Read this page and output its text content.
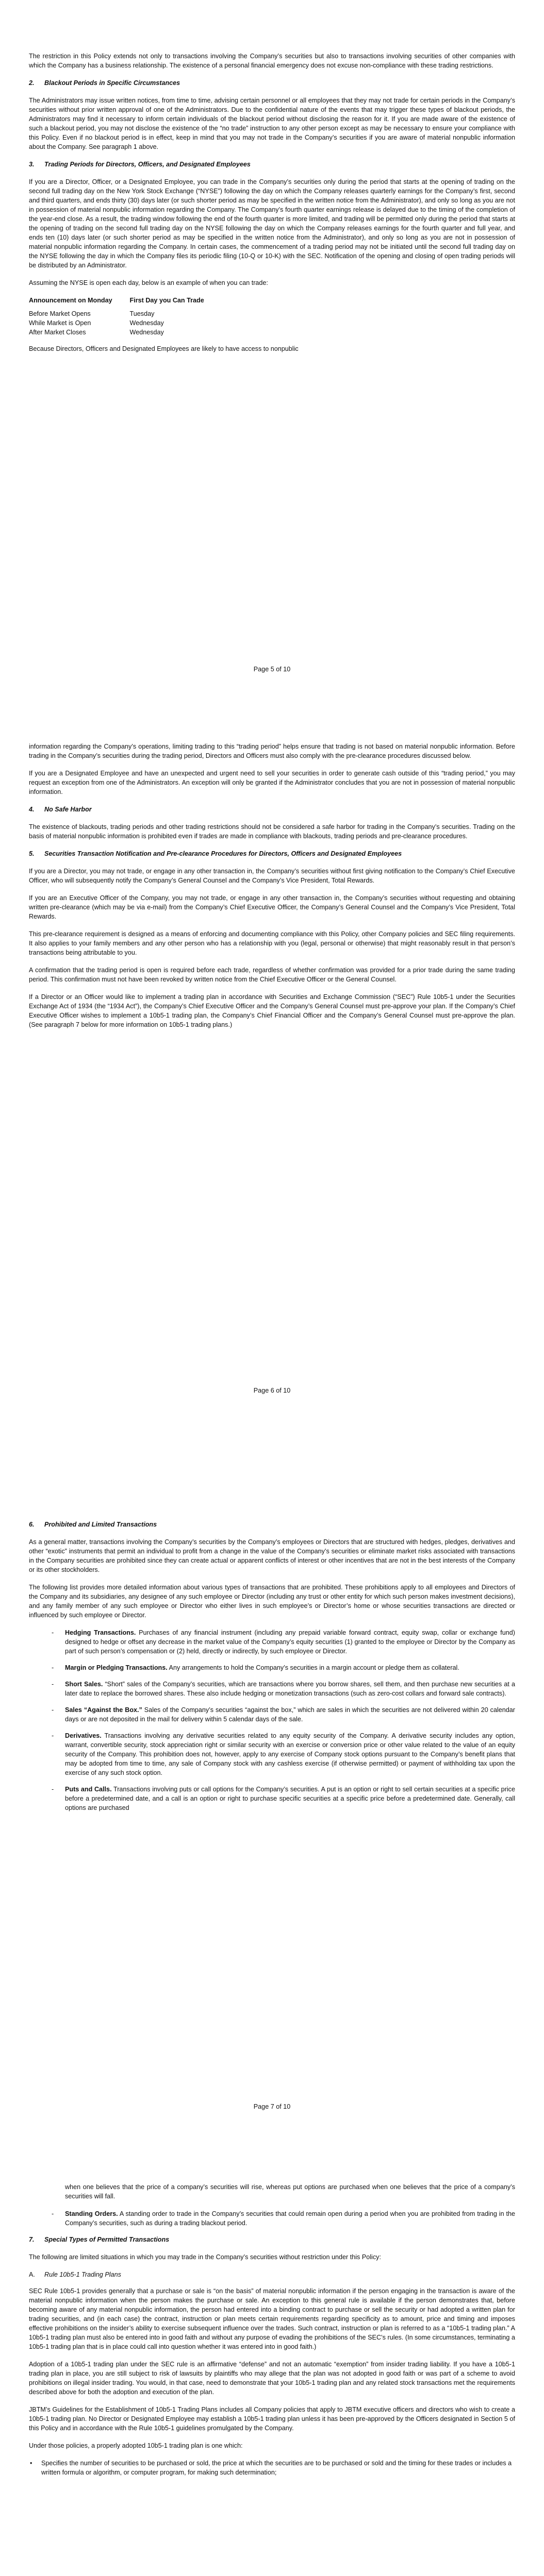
The restriction in this Policy extends not only to transactions involving the Company’s securities but also to transactions involving securities of other companies with which the Company has a business relationship. The existence of a personal financial emergency does not excuse non-compliance with these trading restrictions.

2.	Blackout Periods in Specific Circumstances

The Administrators may issue written notices, from time to time, advising certain personnel or all employees that they may not trade for certain periods in the Company’s securities without prior written approval of one of the Administrators. Due to the confidential nature of the events that may trigger these types of blackout periods, the Administrators may find it necessary to inform certain individuals of the blackout period without disclosing the reason for it. If you are made aware of the existence of such a blackout period, you may not disclose the existence of the “no trade” instruction to any other person except as may be necessary to ensure your compliance with this Policy. Even if no blackout period is in effect, keep in mind that you may not trade in the Company’s securities if you are aware of material nonpublic information about the Company. See paragraph 1 above.

3.	Trading Periods for Directors, Officers, and Designated Employees

If you are a Director, Officer, or a Designated Employee, you can trade in the Company’s securities only during the period that starts at the opening of trading on the second full trading day on the New York Stock Exchange (“NYSE”) following the day on which the Company releases quarterly earnings for the Company’s first, second and third quarters, and ends thirty (30) days later (or such shorter period as may be specified in the written notice from the Administrator), and only so long as you are not in possession of material nonpublic information regarding the Company. The Company’s fourth quarter earnings release is delayed due to the timing of the completion of the year-end close. As a result, the trading window following the end of the fourth quarter is more limited, and trading will be permitted only during the period that starts at the opening of trading on the second full trading day on the NYSE following the day on which the Company releases earnings for the fourth quarter and full year, and ends ten (10) days later (or such shorter period as may be specified in the written notice from the Administrator), and only so long as you are not in possession of material nonpublic information regarding the Company. In certain cases, the commencement of a trading period may not be initiated until the second full trading day on the NYSE following the day in which the Company files its periodic filing (10-Q or 10-K) with the SEC. Notification of the opening and closing of open trading periods will be distributed by an Administrator.

Assuming the NYSE is open each day, below is an example of when you can trade:

Announcement on Monday	First Day you Can Trade
Before Market Opens	Tuesday
While Market is Open	Wednesday
After Market Closes	Wednesday

Because Directors, Officers and Designated Employees are likely to have access to nonpublic

Page 5 of 10

information regarding the Company’s operations, limiting trading to this “trading period” helps ensure that trading is not based on material nonpublic information. Before trading in the Company’s securities during the trading period, Directors and Officers must also comply with the pre-clearance procedures discussed below.

If you are a Designated Employee and have an unexpected and urgent need to sell your securities in order to generate cash outside of this “trading period,” you may request an exception from one of the Administrators. An exception will only be granted if the Administrator concludes that you are not in possession of material nonpublic information.

4.	No Safe Harbor

The existence of blackouts, trading periods and other trading restrictions should not be considered a safe harbor for trading in the Company’s securities. Trading on the basis of material nonpublic information is prohibited even if trades are made in compliance with blackouts, trading periods and pre-clearance procedures.

5.	Securities Transaction Notification and Pre-clearance Procedures for Directors, Officers and Designated Employees

If you are a Director, you may not trade, or engage in any other transaction in, the Company’s securities without first giving notification to the Company’s Chief Executive Officer, who will subsequently notify the Company’s General Counsel and the Company’s Vice President, Total Rewards.

If you are an Executive Officer of the Company, you may not trade, or engage in any other transaction in, the Company’s securities without requesting and obtaining written pre-clearance (which may be via e-mail) from the Company’s Chief Executive Officer, the Company’s General Counsel and the Company’s Vice President, Total Rewards.

This pre-clearance requirement is designed as a means of enforcing and documenting compliance with this Policy, other Company policies and SEC filing requirements. It also applies to your family members and any other person who has a relationship with you (legal, personal or otherwise) that might reasonably result in that person’s transactions being attributable to you.

A confirmation that the trading period is open is required before each trade, regardless of whether confirmation was provided for a prior trade during the same trading period. This confirmation must not have been revoked by written notice from the Chief Executive Officer or the General Counsel.

If a Director or an Officer would like to implement a trading plan in accordance with Securities and Exchange Commission (“SEC”) Rule 10b5-1 under the Securities Exchange Act of 1934 (the “1934 Act”), the Company’s Chief Executive Officer and the Company’s General Counsel must pre-approve your plan. If the Company’s Chief Executive Officer wishes to implement a 10b5-1 trading plan, the Company’s Chief Financial Officer and the Company’s General Counsel must pre-approve the plan. (See paragraph 7 below for more information on 10b5-1 trading plans.)

Page 6 of 10
6.	Prohibited and Limited Transactions

As a general matter, transactions involving the Company’s securities by the Company’s employees or Directors that are structured with hedges, pledges, derivatives and other “exotic” instruments that permit an individual to profit from a change in the value of the Company’s securities or eliminate market risks associated with transactions in the Company securities are prohibited since they can create actual or apparent conflicts of interest or other incentives that are not in the best interests of the Company or its other stockholders.

The following list provides more detailed information about various types of transactions that are prohibited. These prohibitions apply to all employees and Directors of the Company and its subsidiaries, any designee of any such employee or Director (including any trust or other entity for which such person makes investment decisions), and any family member of any such employee or Director who either lives in such employee’s or Director’s home or whose securities transactions are directed or influenced by such employee or Director.

- Hedging Transactions. Purchases of any financial instrument (including any prepaid variable forward contract, equity swap, collar or exchange fund) designed to hedge or offset any decrease in the market value of the Company’s equity securities (1) granted to the employee or Director by the Company as part of such person’s compensation or (2) held, directly or indirectly, by such employee or Director.
- Margin or Pledging Transactions. Any arrangements to hold the Company’s securities in a margin account or pledge them as collateral.
- Short Sales. “Short” sales of the Company’s securities, which are transactions where you borrow shares, sell them, and then purchase new securities at a later date to replace the borrowed shares. These also include hedging or monetization transactions (such as zero-cost collars and forward sale contracts).
- Sales “Against the Box.” Sales of the Company’s securities “against the box,” which are sales in which the securities are not delivered within 20 calendar days or are not deposited in the mail for delivery within 5 calendar days of the sale.
- Derivatives. Transactions involving any derivative securities related to any equity security of the Company. A derivative security includes any option, warrant, convertible security, stock appreciation right or similar security with an exercise or conversion price or other value related to the value of an equity security of the Company. This prohibition does not, however, apply to any exercise of Company stock options pursuant to the Company’s benefit plans that may be adopted from time to time, any sale of Company stock with any cashless exercise (if otherwise permitted) or payment of withholding tax upon the exercise of any such stock option.
- Puts and Calls. Transactions involving puts or call options for the Company’s securities. A put is an option or right to sell certain securities at a specific price before a predetermined date, and a call is an option or right to purchase specific securities at a specific price before a predetermined date. Generally, call options are purchased
Page 7 of 10

when one believes that the price of a company’s securities will rise, whereas put options are purchased when one believes that the price of a company’s securities will fall.

- Standing Orders. A standing order to trade in the Company’s securities that could remain open during a period when you are prohibited from trading in the Company’s securities, such as during a trading blackout period.
7.	Special Types of Permitted Transactions

The following are limited situations in which you may trade in the Company’s securities without restriction under this Policy:

A.	Rule 10b5-1 Trading Plans

SEC Rule 10b5-1 provides generally that a purchase or sale is “on the basis” of material nonpublic information if the person engaging in the transaction is aware of the material nonpublic information when the person makes the purchase or sale. An exception to this general rule is available if the person demonstrates that, before becoming aware of any material nonpublic information, the person had entered into a binding contract to purchase or sell the security or had adopted a written plan for trading securities, and (in each case) the contract, instruction or plan meets certain requirements regarding specificity as to amount, price and timing and imposes effective prohibitions on the insider’s ability to exercise subsequent influence over the trades. Such contract, instruction or plan is referred to as a “10b5-1 trading plan.” A 10b5-1 trading plan must also be entered into in good faith and without any purpose of evading the prohibitions of the SEC’s rules. (In some circumstances, terminating a 10b5-1 trading plan that is in place could call into question whether it was entered into in good faith.)

Adoption of a 10b5-1 trading plan under the SEC rule is an affirmative “defense” and not an automatic “exemption” from insider trading liability. If you have a 10b5-1 trading plan in place, you are still subject to risk of lawsuits by plaintiffs who may allege that the plan was not adopted in good faith or was part of a scheme to avoid prohibitions on illegal insider trading. You would, in that case, need to demonstrate that your 10b5-1 trading plan and any related stock transactions met the requirements described above for both the adoption and execution of the plan.

JBTM’s Guidelines for the Establishment of 10b5-1 Trading Plans includes all Company policies that apply to JBTM executive officers and directors who wish to create a 10b5-1 trading plan. No Director or Designated Employee may establish a 10b5-1 trading plan unless it has been pre-approved by the Officers designated in Section 5 of this Policy and in accordance with the Rule 10b5-1 guidelines promulgated by the Company.

Under those policies, a properly adopted 10b5-1 trading plan is one which:

• Specifies the number of securities to be purchased or sold, the price at which the securities are to be purchased or sold and the timing for these trades or includes a written formula or algorithm, or computer program, for making such determination;
